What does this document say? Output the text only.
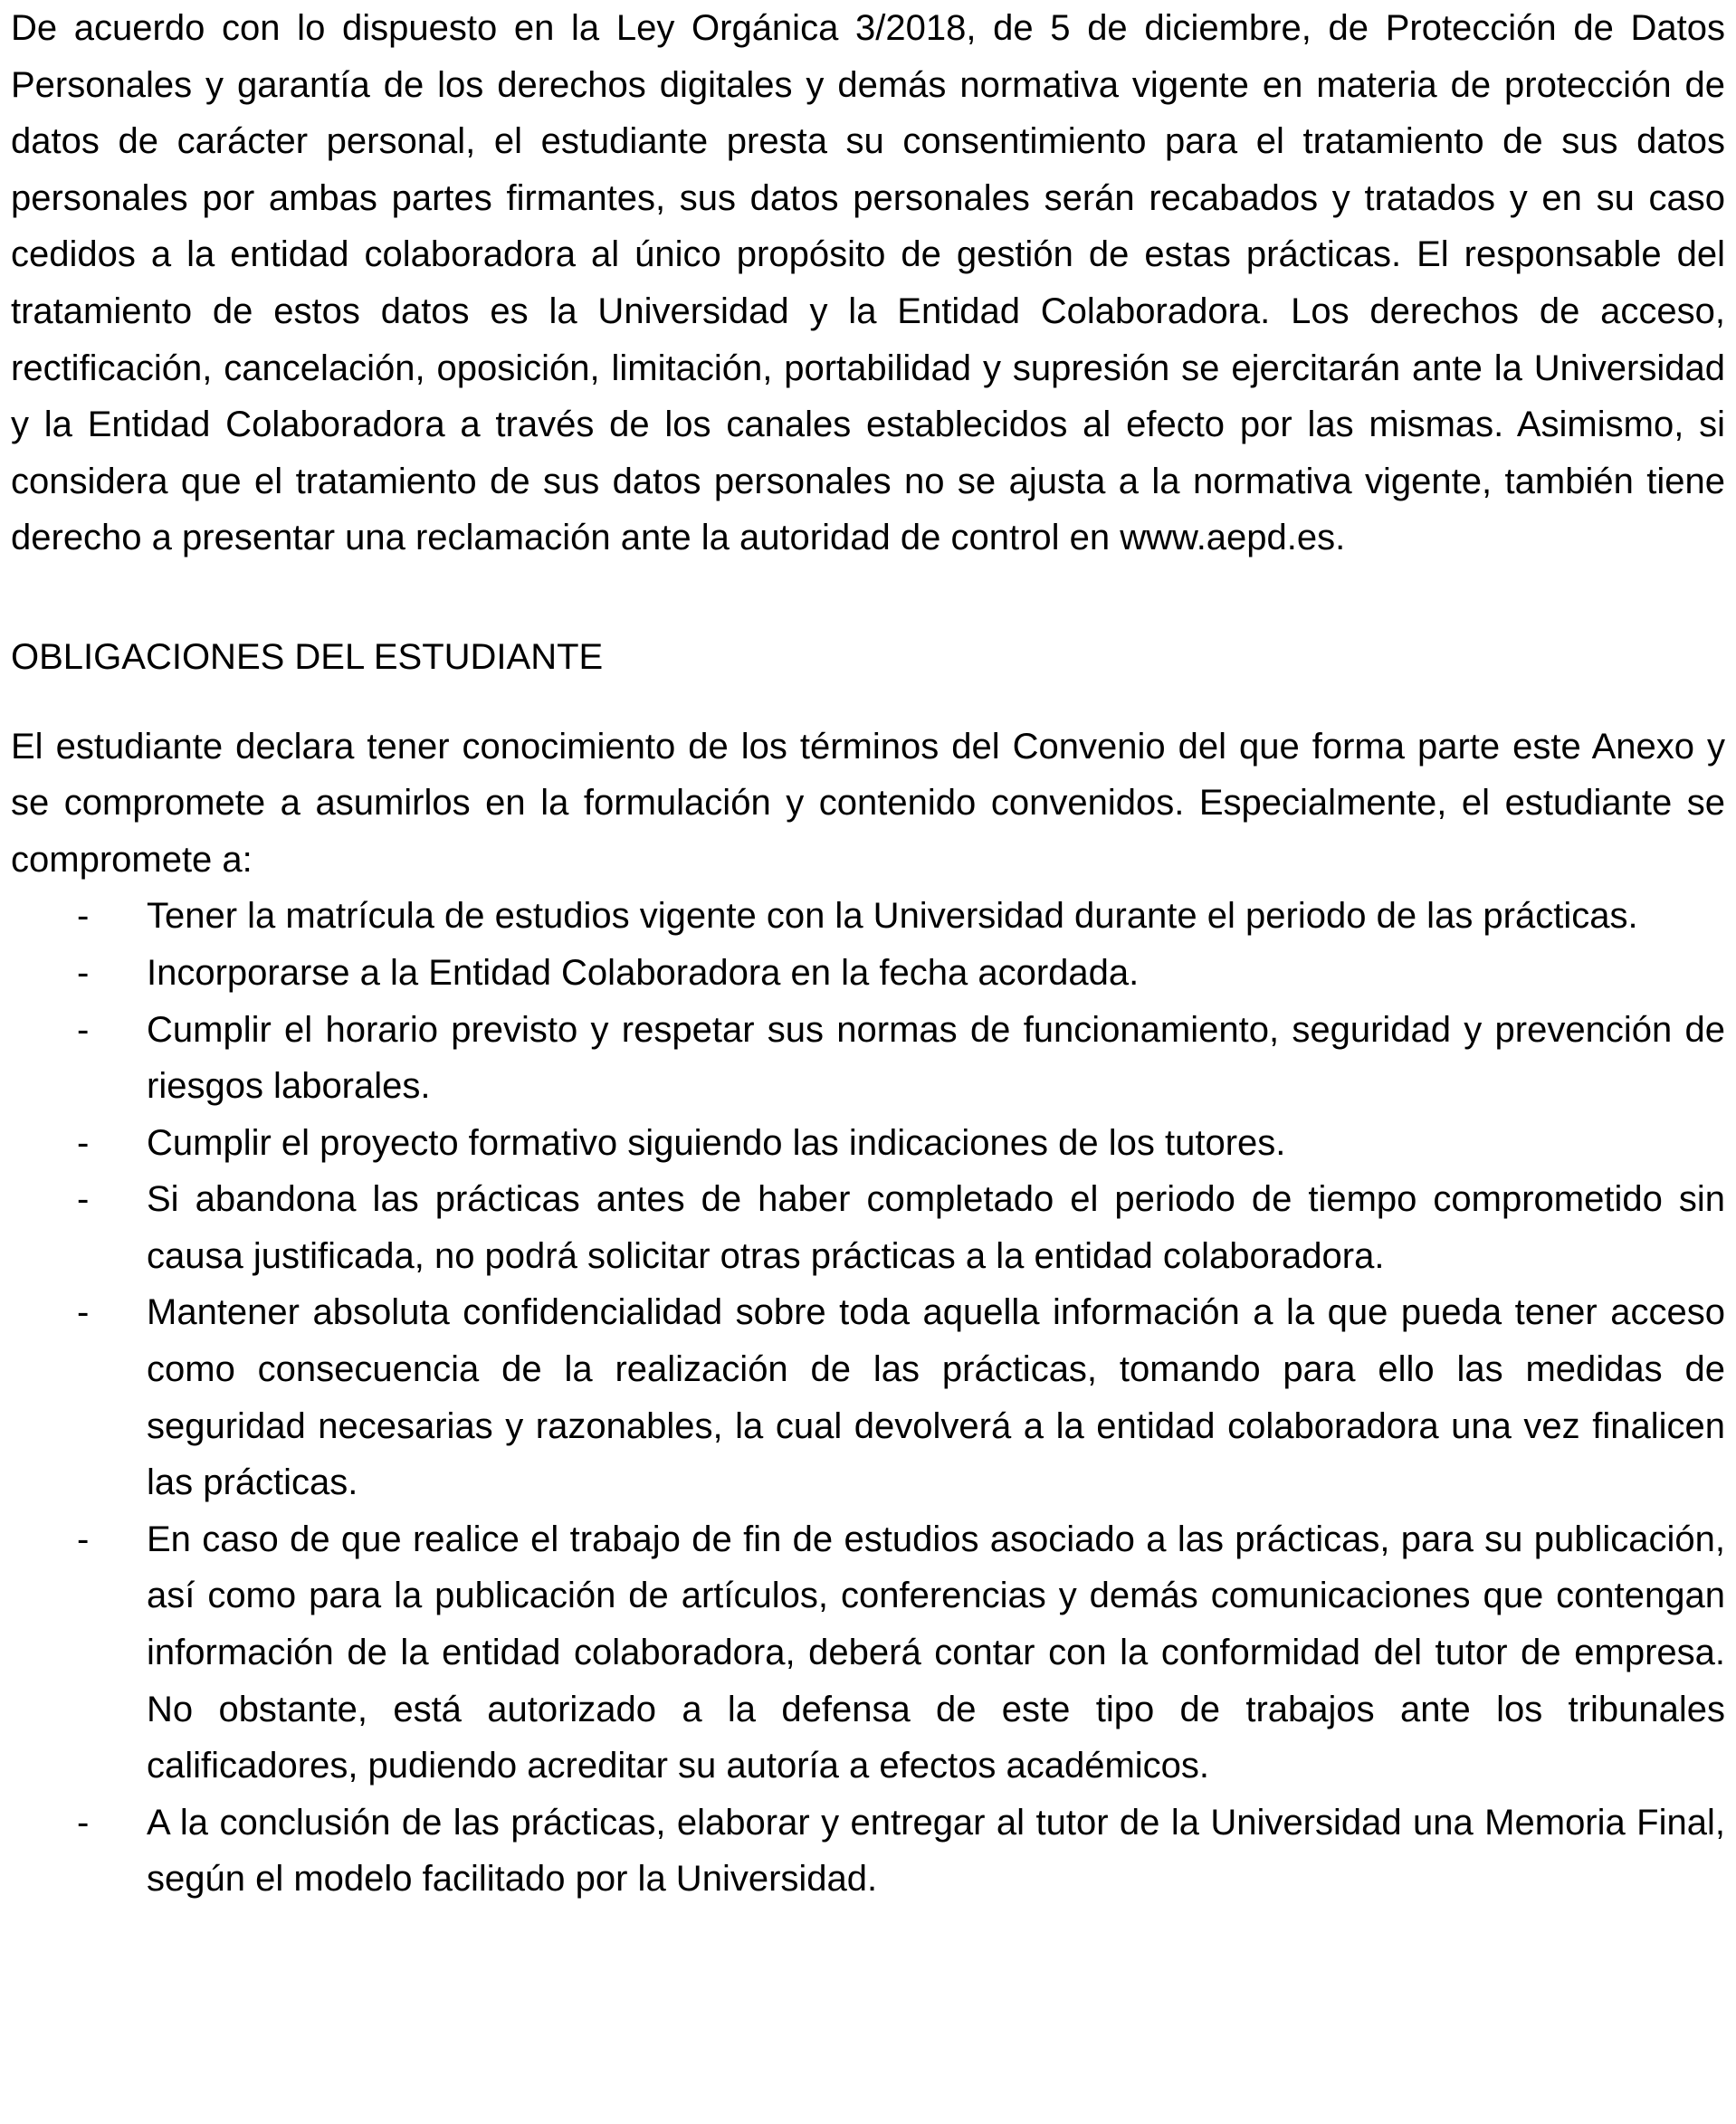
De acuerdo con lo dispuesto en la Ley Orgánica 3/2018, de 5 de diciembre, de Protección de Datos Personales y garantía de los derechos digitales y demás normativa vigente en materia de protección de datos de carácter personal, el estudiante presta su consentimiento para el tratamiento de sus datos personales por ambas partes firmantes, sus datos personales serán recabados y tratados y en su caso cedidos a la entidad colaboradora al único propósito de gestión de estas prácticas. El responsable del tratamiento de estos datos es la Universidad y la Entidad Colaboradora. Los derechos de acceso, rectificación, cancelación, oposición, limitación, portabilidad y supresión se ejercitarán ante la Universidad y la Entidad Colaboradora a través de los canales establecidos al efecto por las mismas. Asimismo, si considera que el tratamiento de sus datos personales no se ajusta a la normativa vigente, también tiene derecho a presentar una reclamación ante la autoridad de control en www.aepd.es.

OBLIGACIONES DEL ESTUDIANTE

El estudiante declara tener conocimiento de los términos del Convenio del que forma parte este Anexo y se compromete a asumirlos en la formulación y contenido convenidos. Especialmente, el estudiante se compromete a:

- Tener la matrícula de estudios vigente con la Universidad durante el periodo de las prácticas.
- Incorporarse a la Entidad Colaboradora en la fecha acordada.
- Cumplir el horario previsto y respetar sus normas de funcionamiento, seguridad y prevención de riesgos laborales.
- Cumplir el proyecto formativo siguiendo las indicaciones de los tutores.
- Si abandona las prácticas antes de haber completado el periodo de tiempo comprometido sin causa justificada, no podrá solicitar otras prácticas a la entidad colaboradora.
- Mantener absoluta confidencialidad sobre toda aquella información a la que pueda tener acceso como consecuencia de la realización de las prácticas, tomando para ello las medidas de seguridad necesarias y razonables, la cual devolverá a la entidad colaboradora una vez finalicen las prácticas.
- En caso de que realice el trabajo de fin de estudios asociado a las prácticas, para su publicación, así como para la publicación de artículos, conferencias y demás comunicaciones que contengan información de la entidad colaboradora, deberá contar con la conformidad del tutor de empresa. No obstante, está autorizado a la defensa de este tipo de trabajos ante los tribunales calificadores, pudiendo acreditar su autoría a efectos académicos.
- A la conclusión de las prácticas, elaborar y entregar al tutor de la Universidad una Memoria Final, según el modelo facilitado por la Universidad.
